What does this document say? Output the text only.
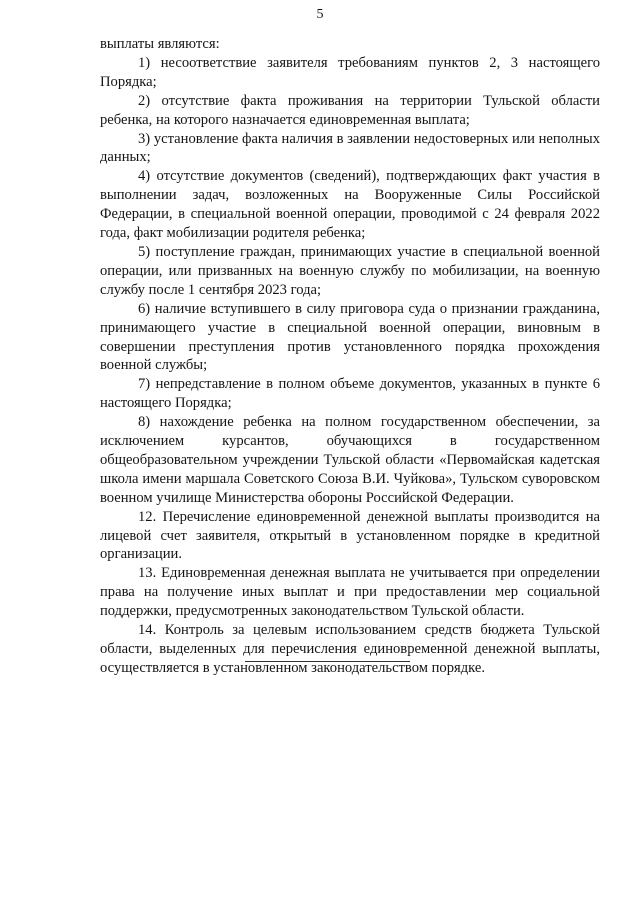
5

выплаты являются:

1) несоответствие заявителя требованиям пунктов 2, 3 настоящего Порядка;

2) отсутствие факта проживания на территории Тульской области ребенка, на которого назначается единовременная выплата;

3) установление факта наличия в заявлении недостоверных или неполных данных;

4) отсутствие документов (сведений), подтверждающих факт участия в выполнении задач, возложенных на Вооруженные Силы Российской Федерации, в специальной военной операции, проводимой с 24 февраля 2022 года, факт мобилизации родителя ребенка;

5) поступление граждан, принимающих участие в специальной военной операции, или призванных на военную службу по мобилизации, на военную службу после 1 сентября 2023 года;

6) наличие вступившего в силу приговора суда о признании гражданина, принимающего участие в специальной военной операции, виновным в совершении преступления против установленного порядка прохождения военной службы;

7) непредставление в полном объеме документов, указанных в пункте 6 настоящего Порядка;

8) нахождение ребенка на полном государственном обеспечении, за исключением курсантов, обучающихся в государственном общеобразовательном учреждении Тульской области «Первомайская кадетская школа имени маршала Советского Союза В.И. Чуйкова», Тульском суворовском военном училище Министерства обороны Российской Федерации.

12. Перечисление единовременной денежной выплаты производится на лицевой счет заявителя, открытый в установленном порядке в кредитной организации.

13. Единовременная денежная выплата не учитывается при определении права на получение иных выплат и при предоставлении мер социальной поддержки, предусмотренных законодательством Тульской области.

14. Контроль за целевым использованием средств бюджета Тульской области, выделенных для перечисления единовременной денежной выплаты, осуществляется в установленном законодательством порядке.
